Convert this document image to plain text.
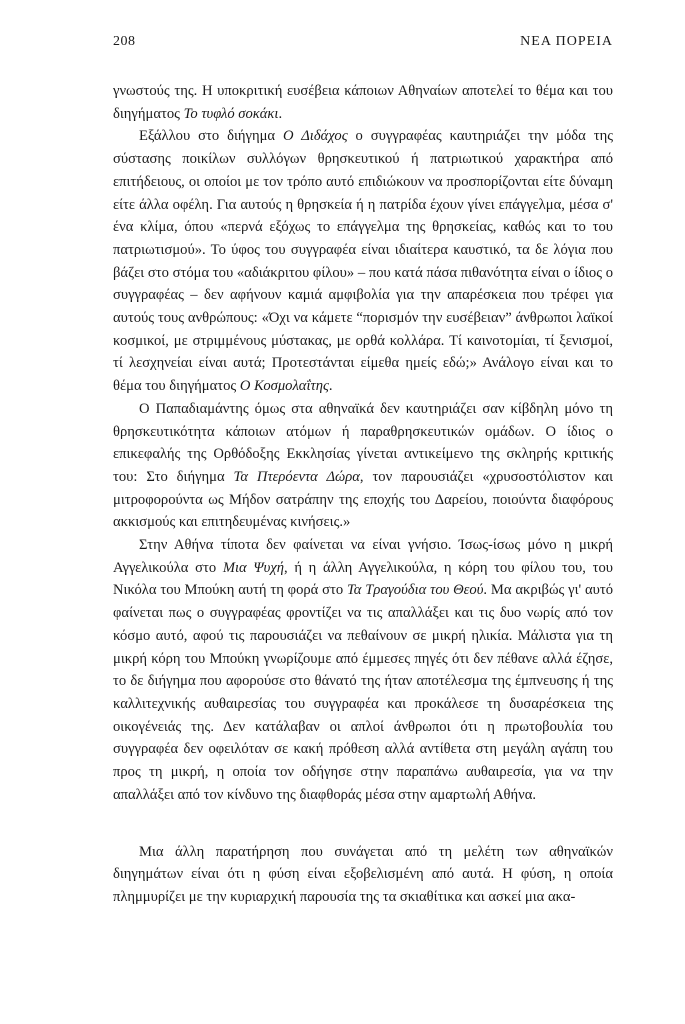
208	ΝΕΑ ΠΟΡΕΙΑ

γνωστούς της. Η υποκριτική ευσέβεια κάποιων Αθηναίων αποτελεί το θέμα και του διηγήματος Το τυφλό σοκάκι.

Εξάλλου στο διήγημα Ο Διδάχος ο συγγραφέας καυτηριάζει την μόδα της σύστασης ποικίλων συλλόγων θρησκευτικού ή πατριωτικού χαρακτήρα από επιτήδειους, οι οποίοι με τον τρόπο αυτό επιδιώκουν να προσπορίζονται είτε δύναμη είτε άλλα οφέλη. Για αυτούς η θρησκεία ή η πατρίδα έχουν γίνει επάγγελμα, μέσα σ' ένα κλίμα, όπου «περνά εξόχως το επάγγελμα της θρησκείας, καθώς και το του πατριωτισμού». Το ύφος του συγγραφέα είναι ιδιαίτερα καυστικό, τα δε λόγια που βάζει στο στόμα του «αδιάκριτου φίλου» – που κατά πάσα πιθανότητα είναι ο ίδιος ο συγγραφέας – δεν αφήνουν καμιά αμφιβολία για την απαρέσκεια που τρέφει για αυτούς τους ανθρώπους: «Όχι να κάμετε “πορισμόν την ευσέβειαν” άνθρωποι λαϊκοί κοσμικοί, με στριμμένους μύστακας, με ορθά κολλάρα. Τί καινοτομίαι, τί ξενισμοί, τί λεσχηνείαι είναι αυτά; Προτεστάνται είμεθα ημείς εδώ;» Ανάλογο είναι και το θέμα του διηγήματος Ο Κοσμολαΐτης.

Ο Παπαδιαμάντης όμως στα αθηναϊκά δεν καυτηριάζει σαν κίβδηλη μόνο τη θρησκευτικότητα κάποιων ατόμων ή παραθρησκευτικών ομάδων. Ο ίδιος ο επικεφαλής της Ορθόδοξης Εκκλησίας γίνεται αντικείμενο της σκληρής κριτικής του: Στο διήγημα Τα Πτερόεντα Δώρα, τον παρουσιάζει «χρυσοστόλιστον και μιτροφορούντα ως Μήδον σατράπην της εποχής του Δαρείου, ποιούντα διαφόρους ακκισμούς και επιτηδευμένας κινήσεις.»

Στην Αθήνα τίποτα δεν φαίνεται να είναι γνήσιο. Ίσως-ίσως μόνο η μικρή Αγγελικούλα στο Μια Ψυχή, ή η άλλη Αγγελικούλα, η κόρη του φίλου του, του Νικόλα του Μπούκη αυτή τη φορά στο Τα Τραγούδια του Θεού. Μα ακριβώς γι' αυτό φαίνεται πως ο συγγραφέας φροντίζει να τις απαλλάξει και τις δυο νωρίς από τον κόσμο αυτό, αφού τις παρουσιάζει να πεθαίνουν σε μικρή ηλικία. Μάλιστα για τη μικρή κόρη του Μπούκη γνωρίζουμε από έμμεσες πηγές ότι δεν πέθανε αλλά έζησε, το δε διήγημα που αφορούσε στο θάνατό της ήταν αποτέλεσμα της έμπνευσης ή της καλλιτεχνικής αυθαιρεσίας του συγγραφέα και προκάλεσε τη δυσαρέσκεια της οικογένειάς της. Δεν κατάλαβαν οι απλοί άνθρωποι ότι η πρωτοβουλία του συγγραφέα δεν οφειλόταν σε κακή πρόθεση αλλά αντίθετα στη μεγάλη αγάπη του προς τη μικρή, η οποία τον οδήγησε στην παραπάνω αυθαιρεσία, για να την απαλλάξει από τον κίνδυνο της διαφθοράς μέσα στην αμαρτωλή Αθήνα.

Μια άλλη παρατήρηση που συνάγεται από τη μελέτη των αθηναϊκών διηγημάτων είναι ότι η φύση είναι εξοβελισμένη από αυτά. Η φύση, η οποία πλημμυρίζει με την κυριαρχική παρουσία της τα σκιαθίτικα και ασκεί μια ακα-
